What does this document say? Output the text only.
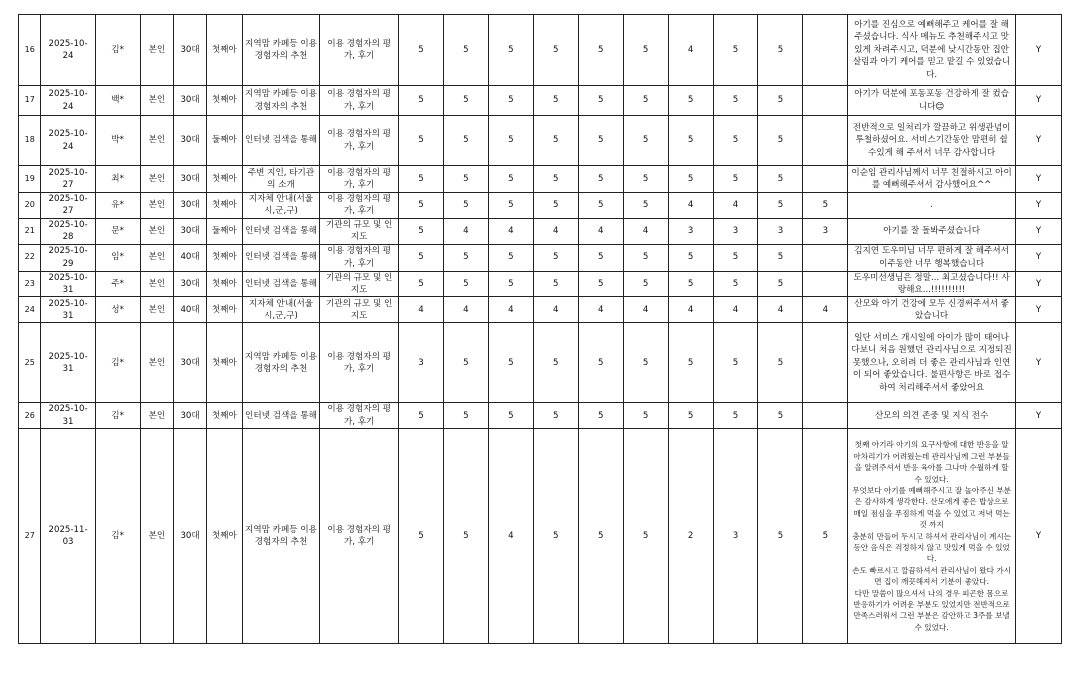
16	2025-10-24	김*	본인	30대	첫째아	지역맘 카페등 이용 경험자의 추천	이용 경험자의 평가, 후기	5	5	5	5	5	5	4	5	5		아기를 진심으로 예뻐해주고 케어를 잘 해주셨습니다. 식사 메뉴도 추천해주시고 맛있게 차려주시고, 덕분에 낮시간동안 집안살림과 아기 케어를 믿고 맡길 수 있었습니다.	Y
17	2025-10-24	백*	본인	30대	첫째아	지역맘 카페등 이용 경험자의 추천	이용 경험자의 평가, 후기	5	5	5	5	5	5	5	5	5		아기가 덕분에 포동포동 건강하게 잘 컸습니다😊	Y
18	2025-10-24	박*	본인	30대	둘째아	인터넷 검색을 통해	이용 경험자의 평가, 후기	5	5	5	5	5	5	5	5	5		전반적으로 일처리가 깔끔하고 위생관념이 투철하셨어요. 서비스기간동안 맘편히 쉴 수있게 해 주셔서 너무 감사합니다	Y
19	2025-10-27	최*	본인	30대	첫째아	주변 지인, 타기관의 소개	이용 경험자의 평가, 후기	5	5	5	5	5	5	5	5	5		이순임 관리사님께서 너무 친절하시고 아이를 예뻐해주셔서 감사했어요^^	Y
20	2025-10-27	유*	본인	30대	첫째아	지자체 안내(서울시,군,구)	이용 경험자의 평가, 후기	5	5	5	5	5	5	4	4	5	5	.	Y
21	2025-10-28	문*	본인	30대	둘째아	인터넷 검색을 통해	기관의 규모 및 인지도	5	4	4	4	4	4	3	3	3	3	아기를 잘 돌봐주셨습니다	Y
22	2025-10-29	임*	본인	40대	첫째아	인터넷 검색을 통해	이용 경험자의 평가, 후기	5	5	5	5	5	5	5	5	5		김지연 도우미님 너무 편하게 잘 해주셔서 이주동안 너무 행복했습니다	Y
23	2025-10-31	주*	본인	30대	첫째아	인터넷 검색을 통해	기관의 규모 및 인지도	5	5	5	5	5	5	5	5	5		도우미선생님은 정말... 최고셨습니다!! 사랑해요...!!!!!!!!!!	Y
24	2025-10-31	성*	본인	40대	첫째아	지자체 안내(서울시,군,구)	기관의 규모 및 인지도	4	4	4	4	4	4	4	4	4	4	산모와 아기 건강에 모두 신경써주셔서 좋았습니다	Y
25	2025-10-31	김*	본인	30대	첫째아	지역맘 카페등 이용 경험자의 추천	이용 경험자의 평가, 후기	3	5	5	5	5	5	5	5	5		일단 서비스 개시일에 아이가 많이 태어나다보니 처음 원했던 관리사님으로 지정되진 못했으나, 오히려 더 좋은 관리사님과 인연이 되어 좋았습니다. 불편사항은 바로 접수하여 처리해주셔서 좋았어요	Y
26	2025-10-31	김*	본인	30대	첫째아	인터넷 검색을 통해	이용 경험자의 평가, 후기	5	5	5	5	5	5	5	5	5		산모의 의견 존중 및 지식 전수	Y
27	2025-11-03	김*	본인	30대	첫째아	지역맘 카페등 이용 경험자의 추천	이용 경험자의 평가, 후기	5	5	4	5	5	5	2	3	5	5	첫째 아기라 아기의 요구사항에 대한 반응을 알아차리기가 어려웠는데 관리사님께 그런 부분들을 알려주셔서 반응 육아를 그나마 수월하게 할 수 있었다.
무엇보다 아기를 예뻐해주시고 잘 놀아주신 부분은 감사하게 생각한다. 산모에게 좋은 밥상으로 매일 점심을 푸짐하게 먹을 수 있었고 저녁 먹는 것 까지
충분히 만들어 두시고 하셔서 관리사님이 계시는 동안 음식은 걱정하지 않고 맛있게 먹을 수 있었다.
손도 빠르시고 깔끔하셔서 관리사님이 왔다 가시면 집이 깨끗해져서 기분이 좋았다.
다만 말씀이 많으셔서 나의 경우 피곤한 몸으로 반응하기가 어려운 부분도 있었지만 전반적으로 만족스러워서 그런 부분은 감안하고 3주를 보낼 수 있었다.	Y
